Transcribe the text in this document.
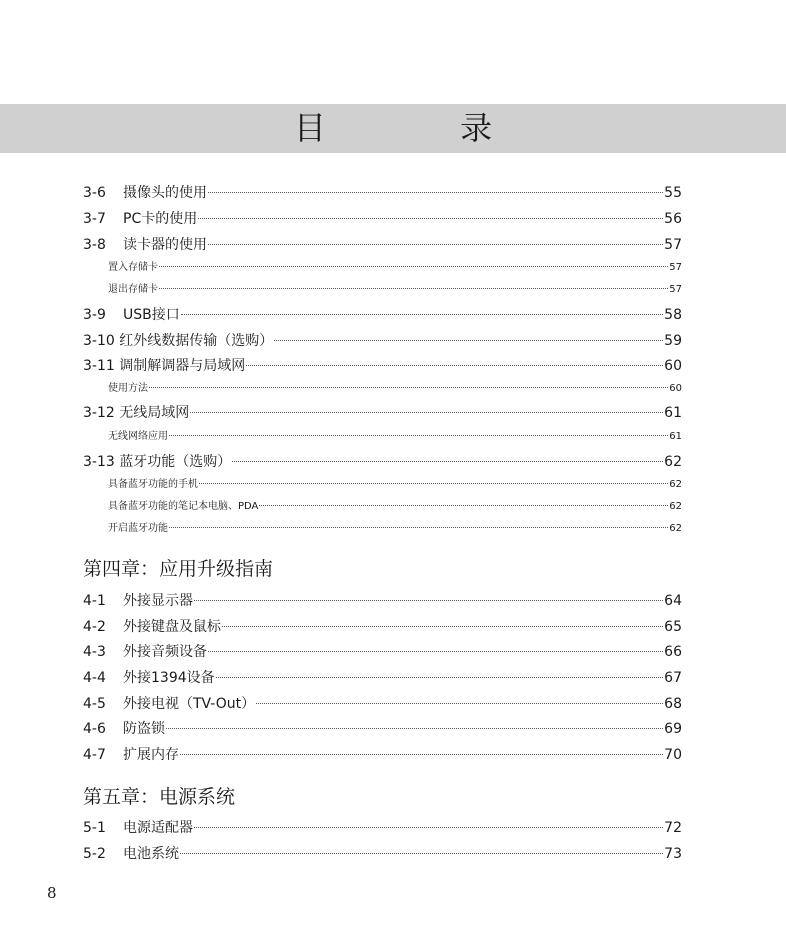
目 录
3-6	摄像头的使用	55
3-7	PC卡的使用	56
3-8	读卡器的使用	57
置入存储卡	57
退出存储卡	57
3-9	USB接口	58
3-10 红外线数据传输（选购）	59
3-11 调制解调器与局域网	60
使用方法	60
3-12 无线局域网	61
无线网络应用	61
3-13 蓝牙功能（选购）	62
具备蓝牙功能的手机	62
具备蓝牙功能的笔记本电脑、PDA	62
开启蓝牙功能	62
第四章：应用升级指南
4-1	外接显示器	64
4-2	外接键盘及鼠标	65
4-3	外接音频设备	66
4-4	外接1394设备	67
4-5	外接电视（TV-Out）	68
4-6	防盗锁	69
4-7	扩展内存	70
第五章：电源系统
5-1	电源适配器	72
5-2	电池系统	73
8
